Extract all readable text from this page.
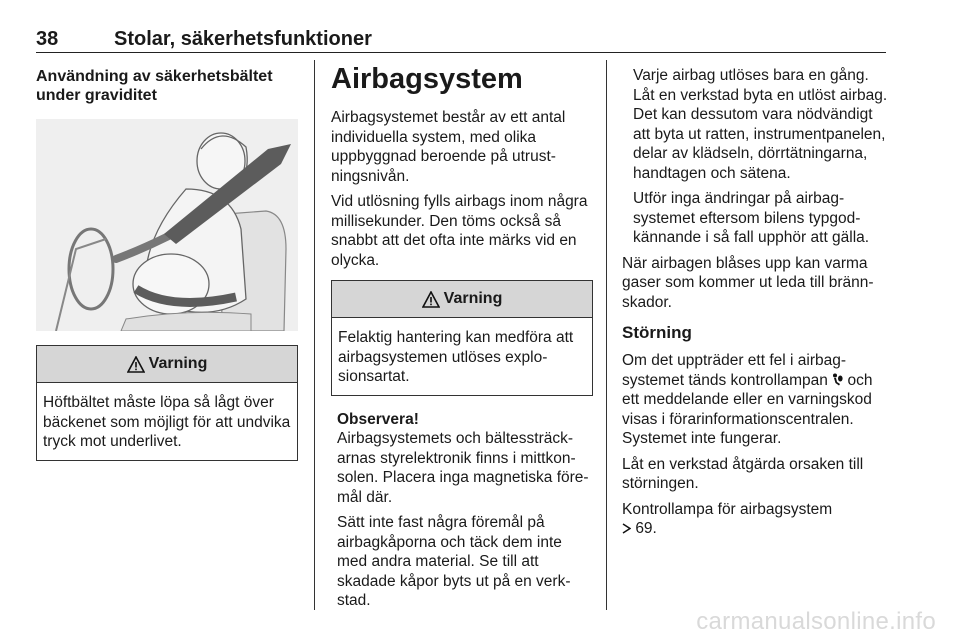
38	Stolar, säkerhetsfunktioner
Användning av säkerhetsbältet under graviditet
Varning

Höftbältet måste löpa så lågt över bäckenet som möjligt för att undvika tryck mot underlivet.

Airbagsystem

Airbagsystemet består av ett antal individuella system, med olika uppbyggnad beroende på utrustningsnivån.

Vid utlösning fylls airbags inom några millisekunder. Den töms också så snabbt att det ofta inte märks vid en olycka.

Varning

Felaktig hantering kan medföra att airbagsystemen utlöses explosionsartat.

Observera!

Airbagsystemets och bältessträckarnas styrelektronik finns i mittkonsolen. Placera inga magnetiska föremål där.

Sätt inte fast några föremål på airbagkåporna och täck dem inte med andra material. Se till att skadade kåpor byts ut på en verkstad.

Varje airbag utlöses bara en gång. Låt en verkstad byta en utlöst airbag. Det kan dessutom vara nödvändigt att byta ut ratten, instrumentpanelen, delar av klädseln, dörrtätningarna, handtagen och sätena.

Utför inga ändringar på airbagsystemet eftersom bilens typgodkännande i så fall upphör att gälla.

När airbagen blåses upp kan varma gaser som kommer ut leda till brännskador.

Störning

Om det uppträder ett fel i airbagsystemet tänds kontrollampan och ett meddelande eller en varningskod visas i förarinformationscentralen. Systemet inte fungerar.

Låt en verkstad åtgärda orsaken till störningen.

Kontrollampa för airbagsystem

69.

carmanualsonline.info
